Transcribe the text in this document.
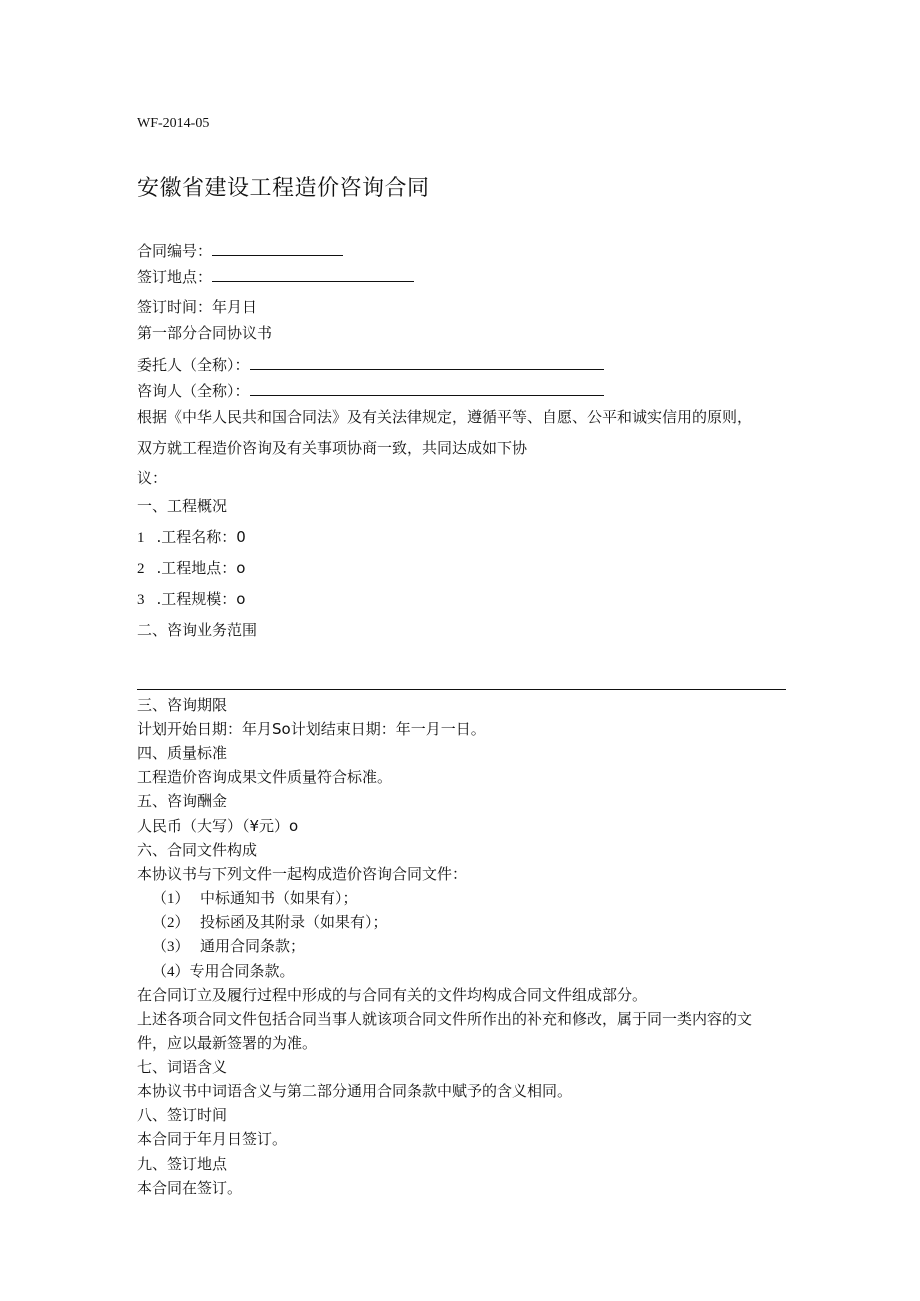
WF-2014-05
安徽省建设工程造价咨询合同
合同编号：
签订地点：
签订时间：年月日
第一部分合同协议书
委托人（全称）：
咨询人（全称）：
根据《中华人民共和国合同法》及有关法律规定，遵循平等、自愿、公平和诚实信用的原则，
双方就工程造价咨询及有关事项协商一致，共同达成如下协
议：
一、工程概况
1 .工程名称：0
2 .工程地点：o
3 .工程规模：o
二、咨询业务范围
三、咨询期限
计划开始日期：年月So计划结束日期：年一月一日。
四、质量标准
工程造价咨询成果文件质量符合标准。
五、咨询酬金
人民币（大写）（¥元）o
六、合同文件构成
本协议书与下列文件一起构成造价咨询合同文件：
（1） 中标通知书（如果有）；
（2） 投标函及其附录（如果有）；
（3） 通用合同条款；
（4）专用合同条款。
在合同订立及履行过程中形成的与合同有关的文件均构成合同文件组成部分。
上述各项合同文件包括合同当事人就该项合同文件所作出的补充和修改，属于同一类内容的文
件，应以最新签署的为准。
七、词语含义
本协议书中词语含义与第二部分通用合同条款中赋予的含义相同。
八、签订时间
本合同于年月日签订。
九、签订地点
本合同在签订。
